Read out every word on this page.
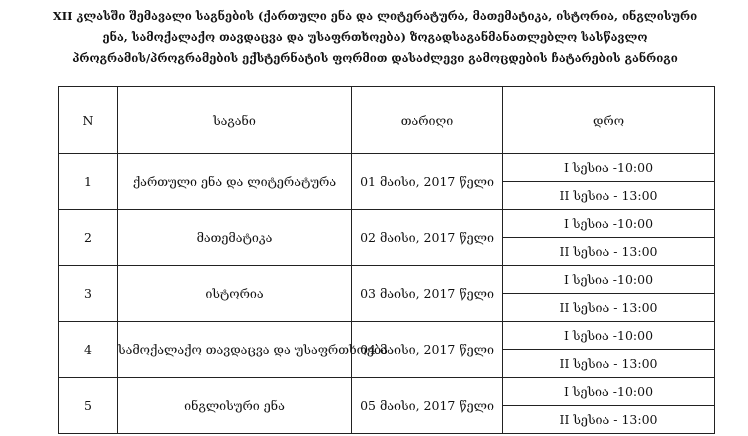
XII კლასში შემავალი საგნების (ქართული ენა და ლიტერატურა, მათემატიკა, ისტორია, ინგლისური
ენა, სამოქალაქო თავდაცვა და უსაფრთხოება) ზოგადსაგანმანათლებლო სასწავლო
პროგრამის/პროგრამების ექსტერნატის ფორმით დასაძლევი გამოცდების ჩატარების განრიგი
N	საგანი	თარიღი	დრო
1	ქართული ენა და ლიტერატურა	01 მაისი, 2017 წელი	I სესია -10:00
			II სესია - 13:00
2	მათემატიკა	02 მაისი, 2017 წელი	I სესია -10:00
			II სესია - 13:00
3	ისტორია	03 მაისი, 2017 წელი	I სესია -10:00
			II სესია - 13:00
4	სამოქალაქო თავდაცვა და უსაფრთხოება	04 მაისი, 2017 წელი	I სესია -10:00
			II სესია - 13:00
5	ინგლისური ენა	05 მაისი, 2017 წელი	I სესია -10:00
			II სესია - 13:00
